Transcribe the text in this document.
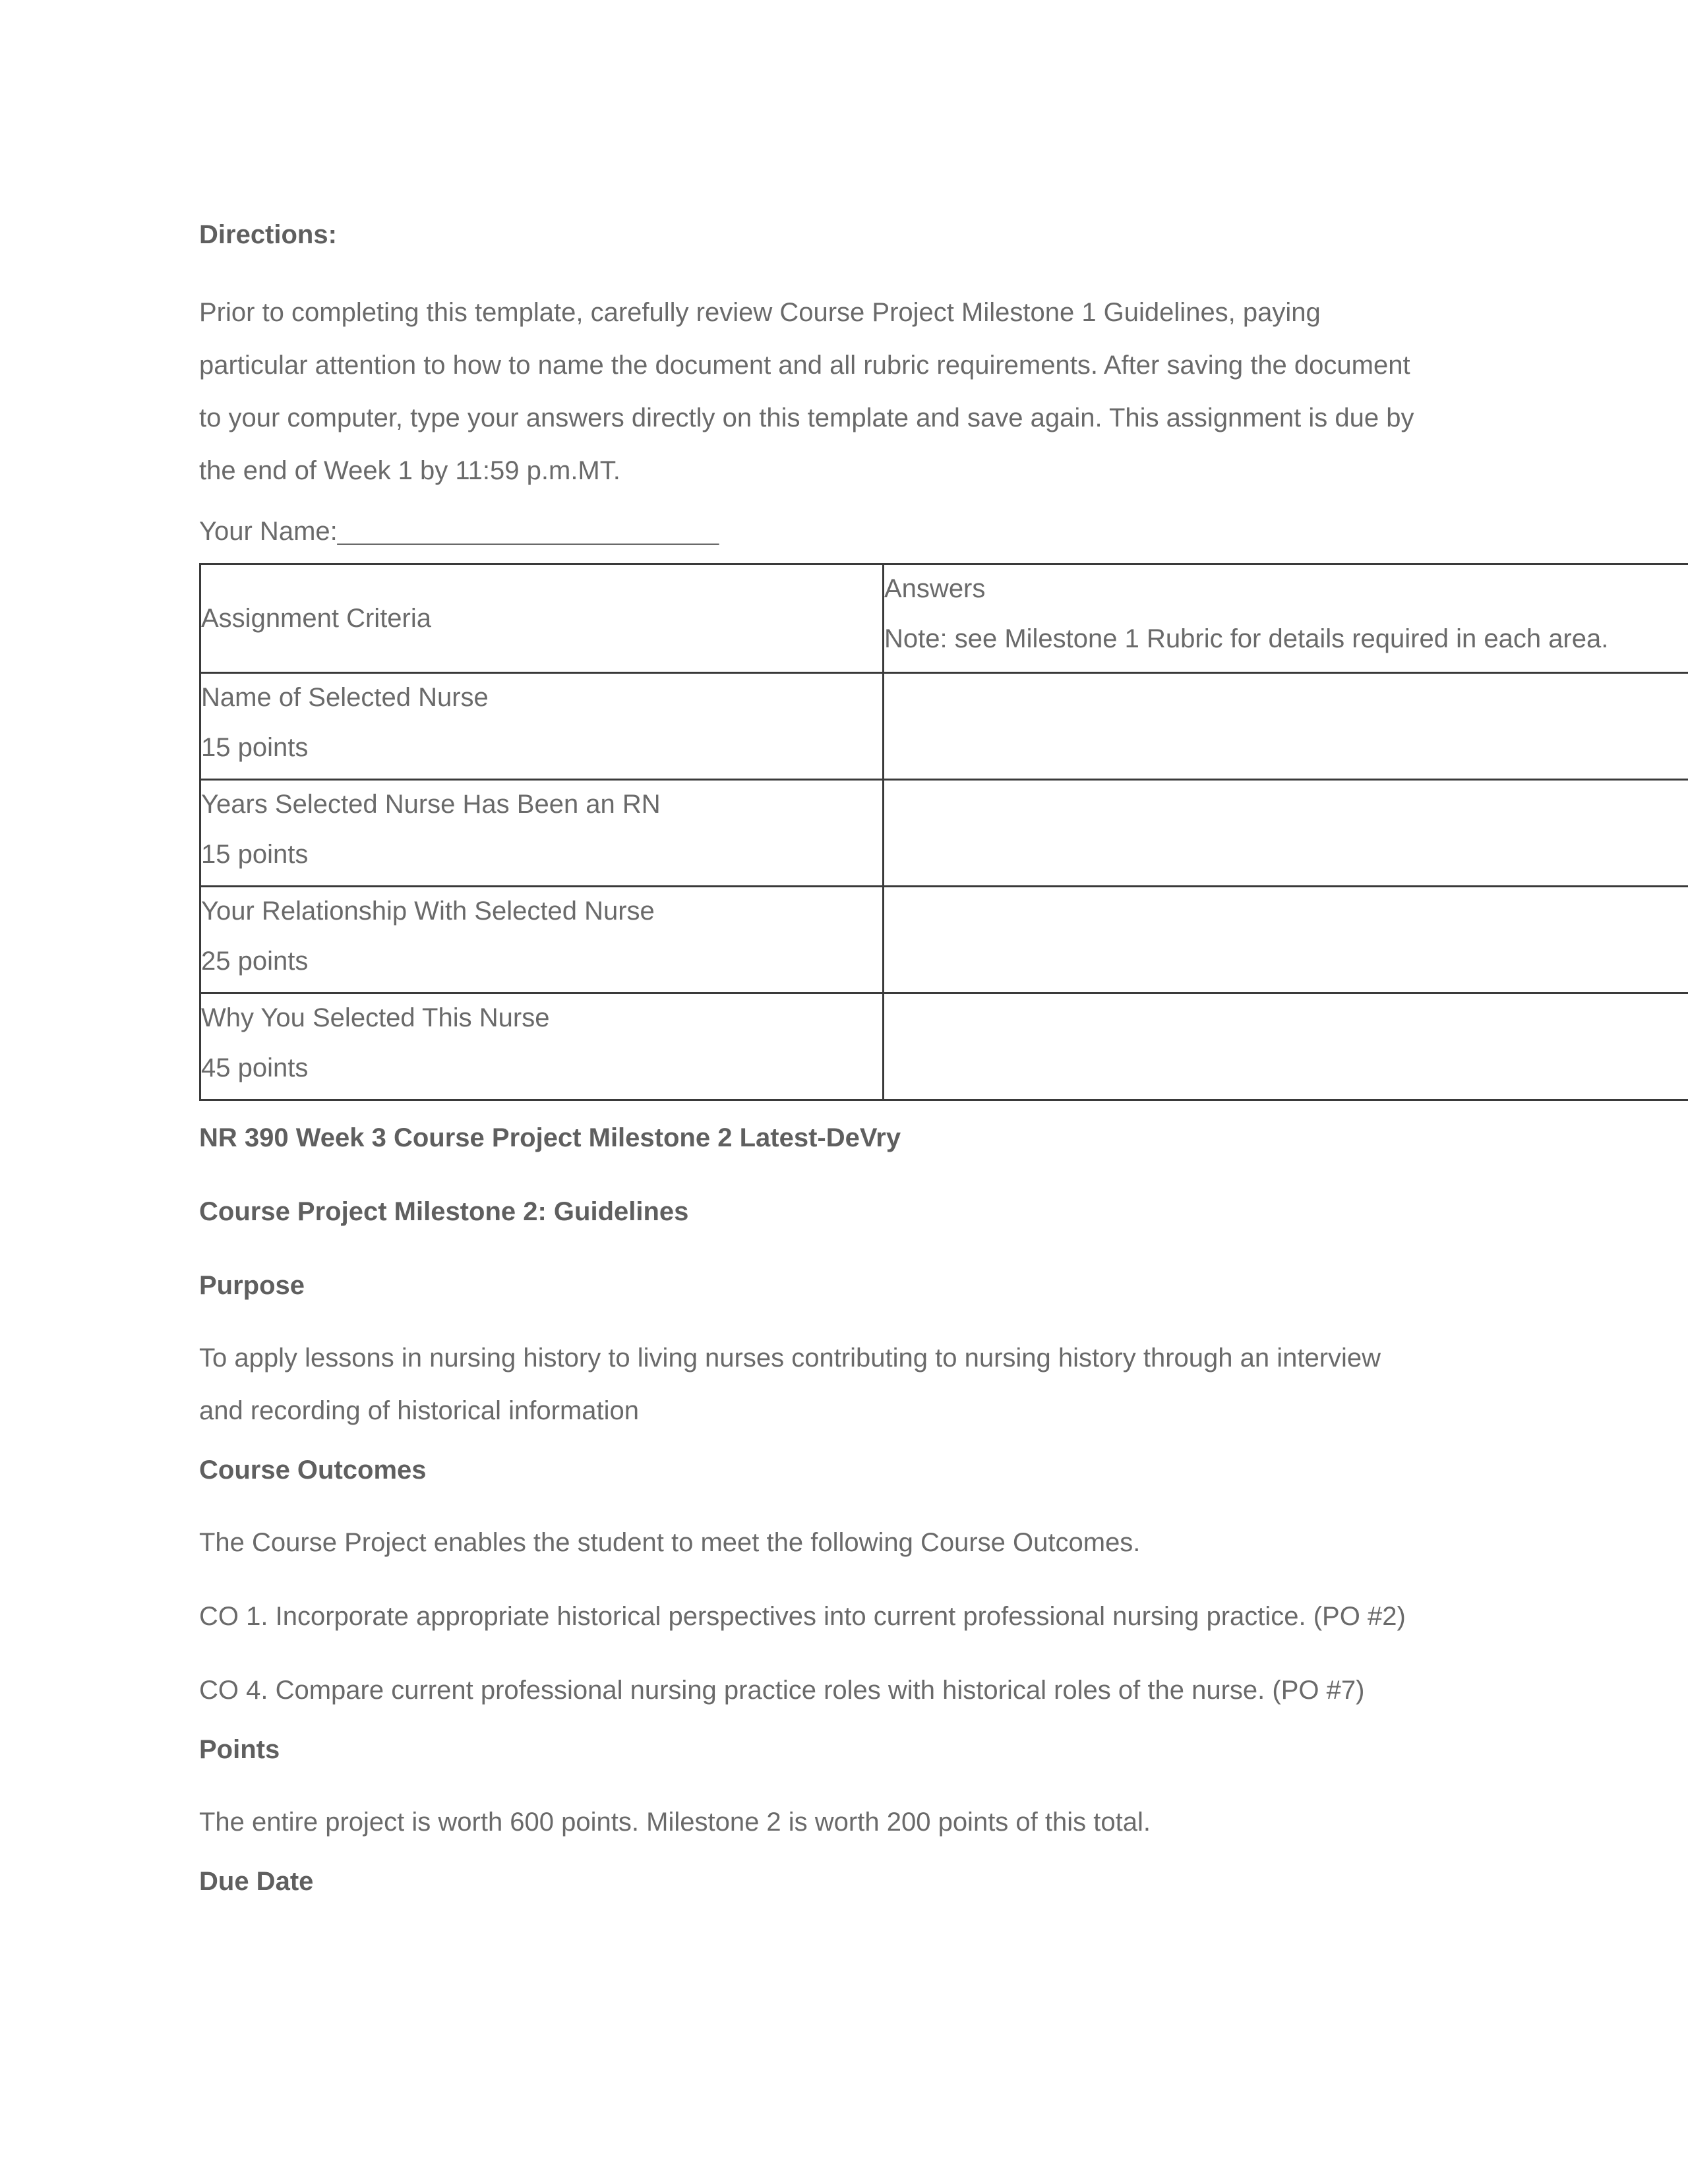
Directions:

Prior to completing this template, carefully review Course Project Milestone 1 Guidelines, paying

particular attention to how to name the document and all rubric requirements. After saving the document

to your computer, type your answers directly on this template and save again. This assignment is due by

the end of Week 1 by 11:59 p.m.MT.

Your Name:__________________________

Assignment Criteria	Answers
Note: see Milestone 1 Rubric for details required in each area.

Name of Selected Nurse
15 points	

Years Selected Nurse Has Been an RN
15 points	

Your Relationship With Selected Nurse
25 points	

Why You Selected This Nurse
45 points	

NR 390 Week 3 Course Project Milestone 2 Latest-DeVry

Course Project Milestone 2: Guidelines

Purpose

To apply lessons in nursing history to living nurses contributing to nursing history through an interview

and recording of historical information

Course Outcomes

The Course Project enables the student to meet the following Course Outcomes.

CO 1. Incorporate appropriate historical perspectives into current professional nursing practice. (PO #2)

CO 4. Compare current professional nursing practice roles with historical roles of the nurse. (PO #7)

Points

The entire project is worth 600 points. Milestone 2 is worth 200 points of this total.

Due Date
